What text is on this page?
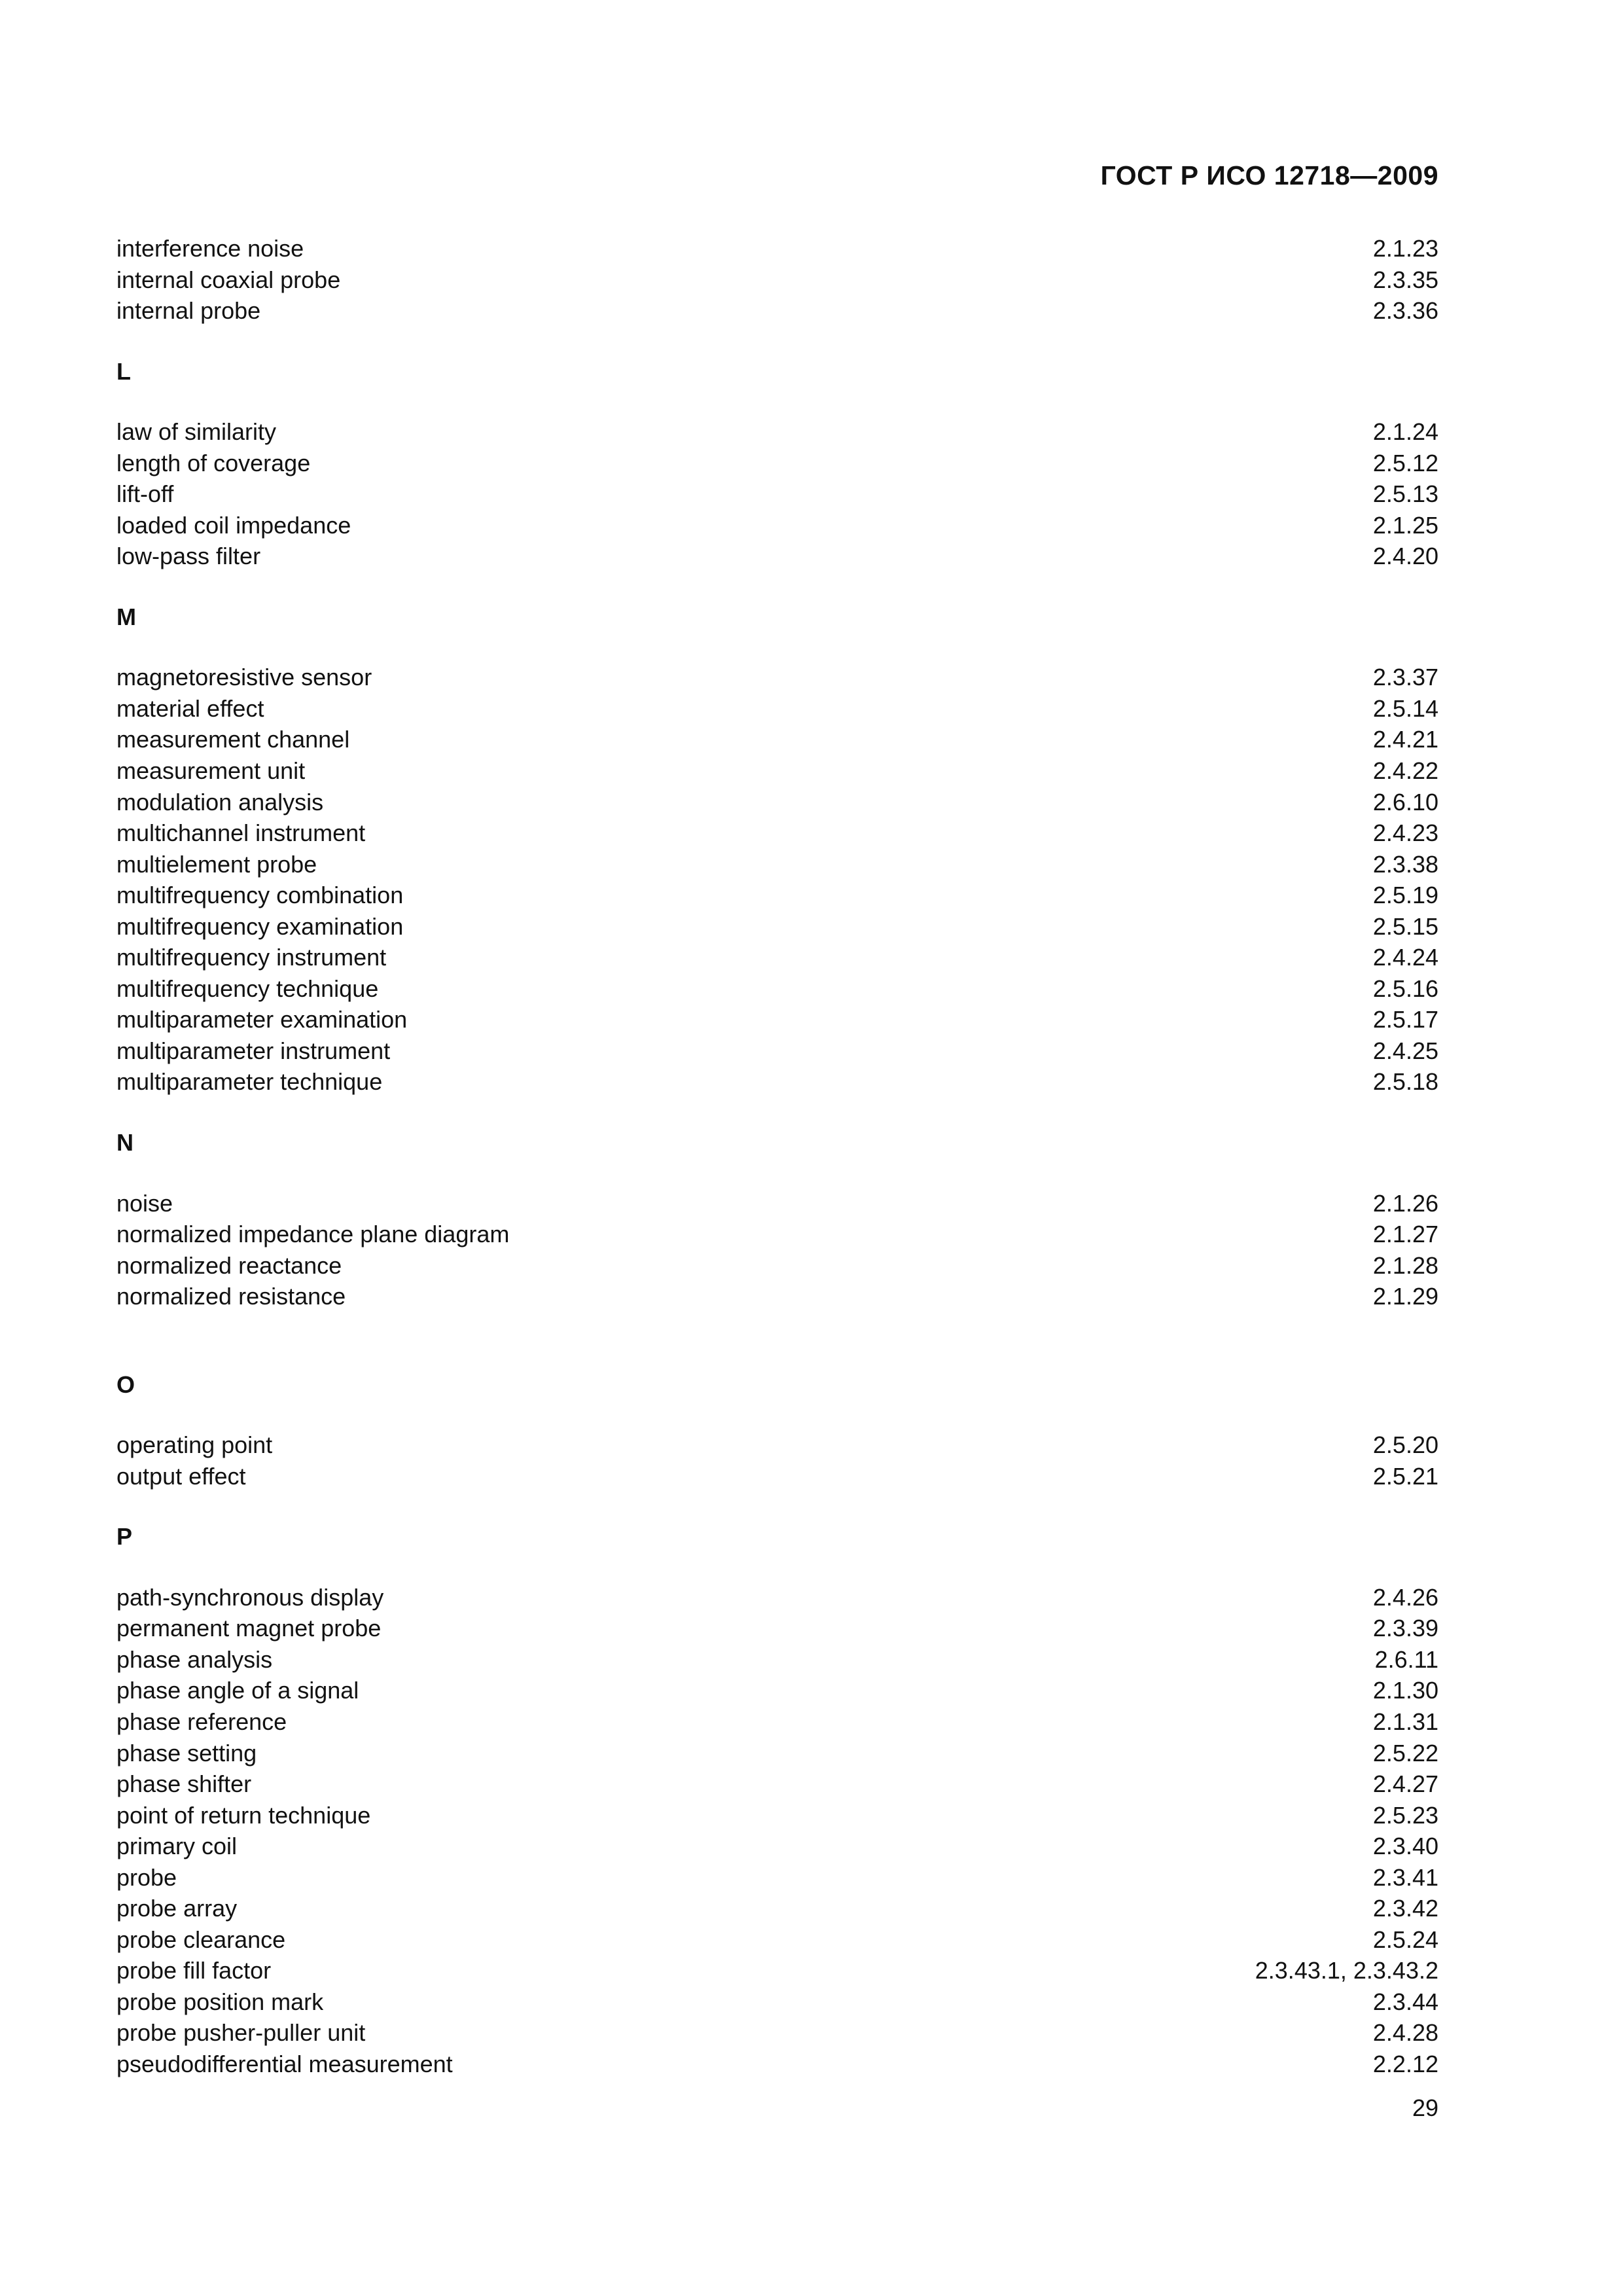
ГОСТ Р ИСО 12718—2009
interference noise	2.1.23
internal coaxial probe	2.3.35
internal probe	2.3.36
L
law of similarity	2.1.24
length of coverage	2.5.12
lift-off	2.5.13
loaded coil impedance	2.1.25
low-pass filter	2.4.20
M
magnetoresistive sensor	2.3.37
material effect	2.5.14
measurement channel	2.4.21
measurement unit	2.4.22
modulation analysis	2.6.10
multichannel instrument	2.4.23
multielement probe	2.3.38
multifrequency combination	2.5.19
multifrequency examination	2.5.15
multifrequency instrument	2.4.24
multifrequency technique	2.5.16
multiparameter examination	2.5.17
multiparameter instrument	2.4.25
multiparameter technique	2.5.18
N
noise	2.1.26
normalized impedance plane diagram	2.1.27
normalized reactance	2.1.28
normalized resistance	2.1.29
O
operating point	2.5.20
output effect	2.5.21
P
path-synchronous display	2.4.26
permanent magnet probe	2.3.39
phase analysis	2.6.11
phase angle of a signal	2.1.30
phase reference	2.1.31
phase setting	2.5.22
phase shifter	2.4.27
point of return technique	2.5.23
primary coil	2.3.40
probe	2.3.41
probe array	2.3.42
probe clearance	2.5.24
probe fill factor	2.3.43.1, 2.3.43.2
probe position mark	2.3.44
probe pusher-puller unit	2.4.28
pseudodifferential measurement	2.2.12
29
